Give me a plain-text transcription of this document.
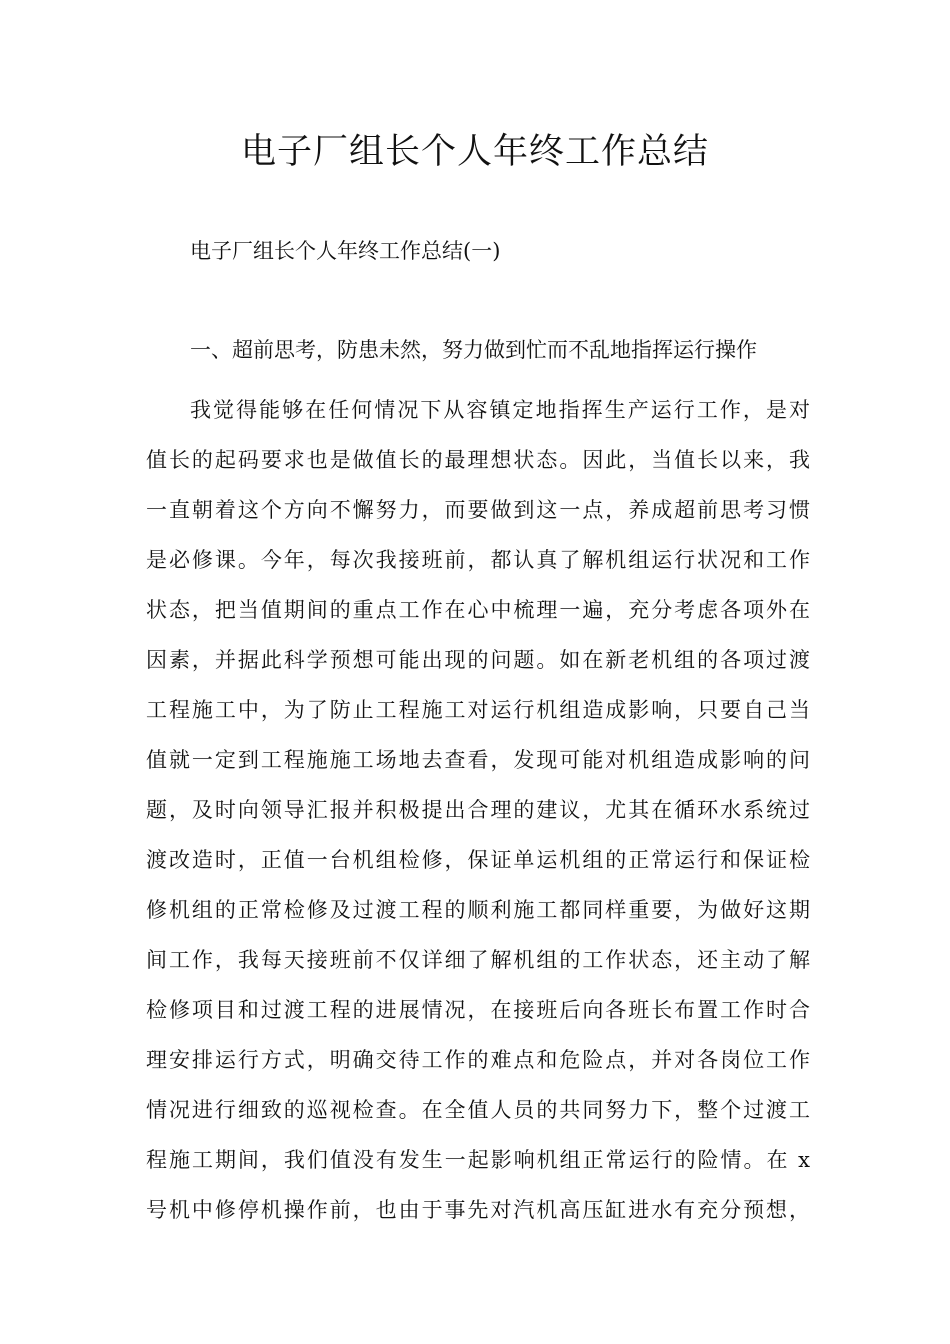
电子厂组长个人年终工作总结

电子厂组长个人年终工作总结(一)

一、超前思考，防患未然，努力做到忙而不乱地指挥运行操作

我觉得能够在任何情况下从容镇定地指挥生产运行工作，是对
值长的起码要求也是做值长的最理想状态。因此，当值长以来，我
一直朝着这个方向不懈努力，而要做到这一点，养成超前思考习惯
是必修课。今年，每次我接班前，都认真了解机组运行状况和工作
状态，把当值期间的重点工作在心中梳理一遍，充分考虑各项外在
因素，并据此科学预想可能出现的问题。如在新老机组的各项过渡
工程施工中，为了防止工程施工对运行机组造成影响，只要自己当
值就一定到工程施施工场地去查看，发现可能对机组造成影响的问
题，及时向领导汇报并积极提出合理的建议，尤其在循环水系统过
渡改造时，正值一台机组检修，保证单运机组的正常运行和保证检
修机组的正常检修及过渡工程的顺利施工都同样重要，为做好这期
间工作，我每天接班前不仅详细了解机组的工作状态，还主动了解
检修项目和过渡工程的进展情况，在接班后向各班长布置工作时合
理安排运行方式，明确交待工作的难点和危险点，并对各岗位工作
情况进行细致的巡视检查。在全值人员的共同努力下，整个过渡工
程施工期间，我们值没有发生一起影响机组正常运行的险情。在 x
号机中修停机操作前，也由于事先对汽机高压缸进水有充分预想，
